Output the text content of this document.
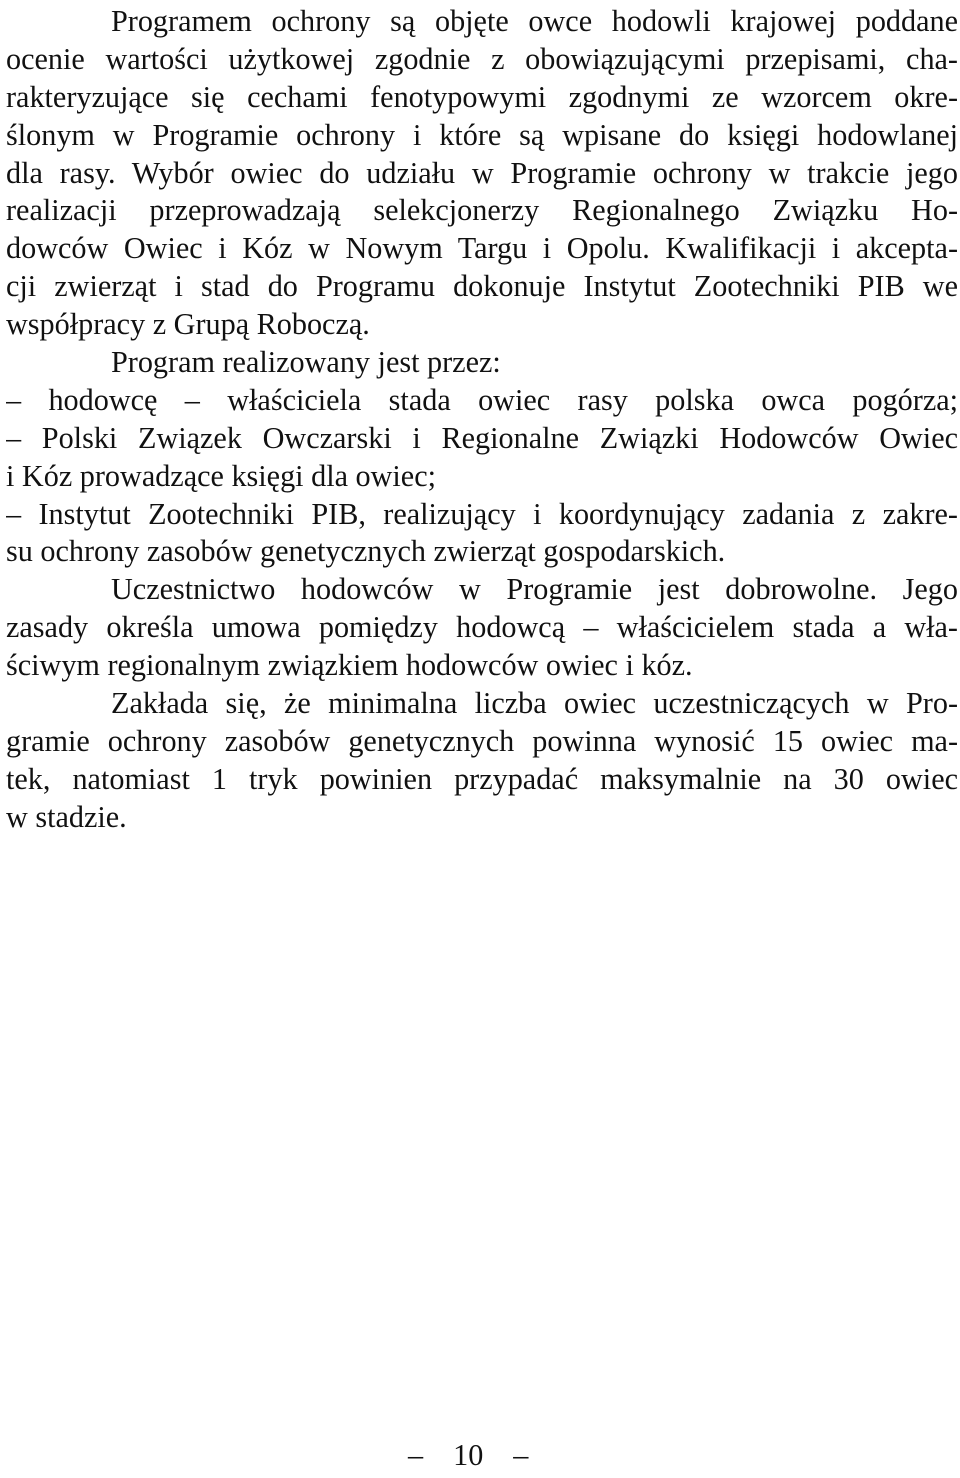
Programem ochrony są objęte owce hodowli krajowej poddane
ocenie wartości użytkowej zgodnie z obowiązującymi przepisami, cha-
rakteryzujące się cechami fenotypowymi zgodnymi ze wzorcem okre-
ślonym w Programie ochrony i które są wpisane do księgi hodowlanej
dla rasy. Wybór owiec do udziału w Programie ochrony w trakcie jego
realizacji przeprowadzają selekcjonerzy Regionalnego Związku Ho-
dowców Owiec i Kóz w Nowym Targu i Opolu. Kwalifikacji i akcepta-
cji zwierząt i stad do Programu dokonuje Instytut Zootechniki PIB we
współpracy z Grupą Roboczą.
Program realizowany jest przez:
– hodowcę – właściciela stada owiec rasy polska owca pogórza;
– Polski Związek Owczarski i Regionalne Związki Hodowców Owiec
i Kóz prowadzące księgi dla owiec;
– Instytut Zootechniki PIB, realizujący i koordynujący zadania z zakre-
su ochrony zasobów genetycznych zwierząt gospodarskich.
Uczestnictwo hodowców w Programie jest dobrowolne. Jego
zasady określa umowa pomiędzy hodowcą – właścicielem stada a wła-
ściwym regionalnym związkiem hodowców owiec i kóz.
Zakłada się, że minimalna liczba owiec uczestniczących w Pro-
gramie ochrony zasobów genetycznych powinna wynosić 15 owiec ma-
tek, natomiast 1 tryk powinien przypadać maksymalnie na 30 owiec
w stadzie.
– 10 –
